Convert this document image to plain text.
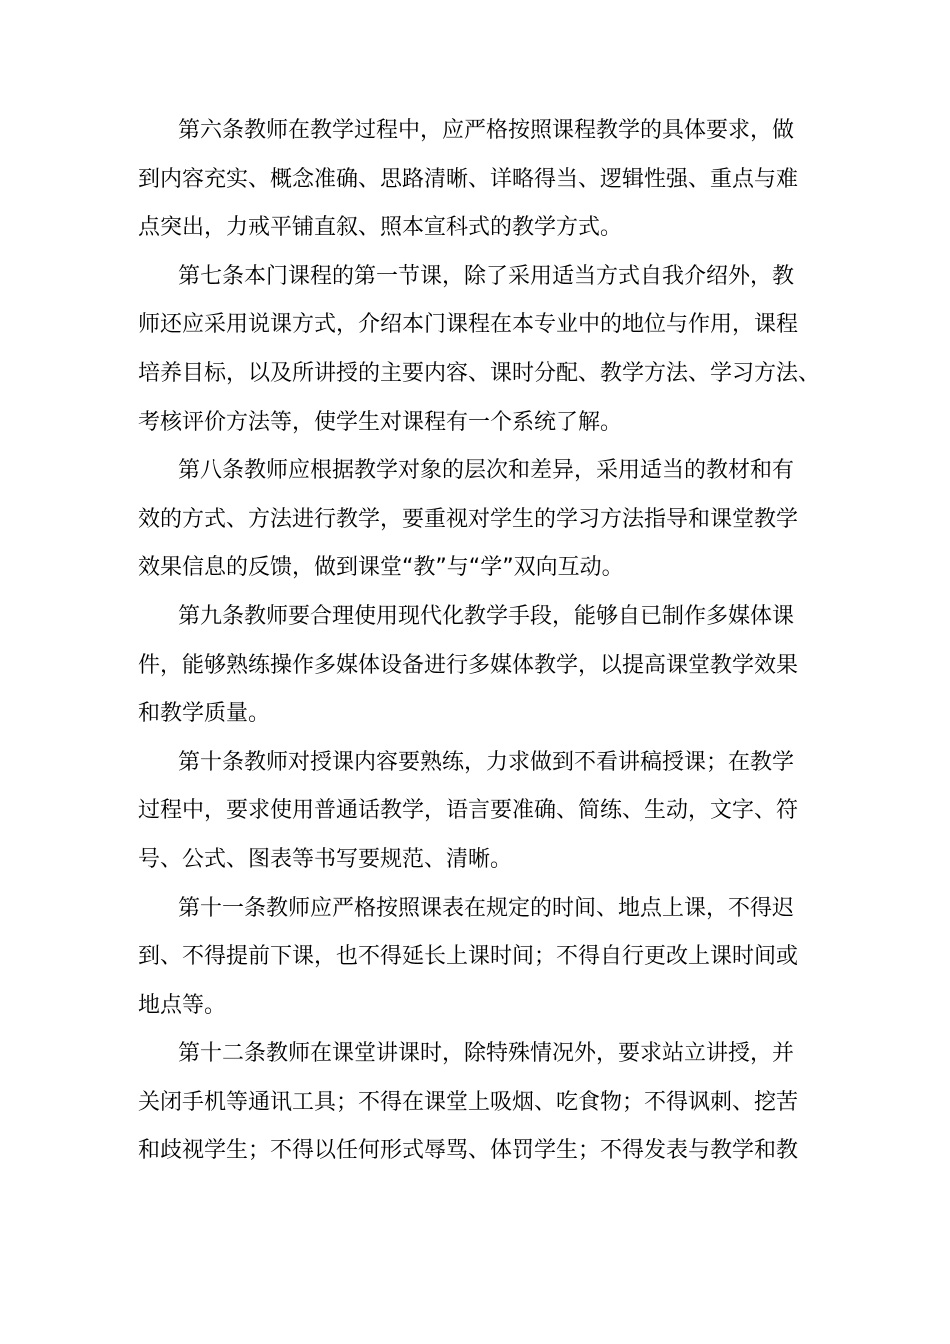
第六条教师在教学过程中，应严格按照课程教学的具体要求，做
到内容充实、概念准确、思路清晰、详略得当、逻辑性强、重点与难
点突出，力戒平铺直叙、照本宣科式的教学方式。
第七条本门课程的第一节课，除了采用适当方式自我介绍外，教
师还应采用说课方式，介绍本门课程在本专业中的地位与作用，课程
培养目标，以及所讲授的主要内容、课时分配、教学方法、学习方法、
考核评价方法等，使学生对课程有一个系统了解。
第八条教师应根据教学对象的层次和差异，采用适当的教材和有
效的方式、方法进行教学，要重视对学生的学习方法指导和课堂教学
效果信息的反馈，做到课堂“教”与“学”双向互动。
第九条教师要合理使用现代化教学手段，能够自已制作多媒体课
件，能够熟练操作多媒体设备进行多媒体教学，以提高课堂教学效果
和教学质量。
第十条教师对授课内容要熟练，力求做到不看讲稿授课；在教学
过程中，要求使用普通话教学，语言要准确、简练、生动，文字、符
号、公式、图表等书写要规范、清晰。
第十一条教师应严格按照课表在规定的时间、地点上课，不得迟
到、不得提前下课，也不得延长上课时间；不得自行更改上课时间或
地点等。
第十二条教师在课堂讲课时，除特殊情况外，要求站立讲授，并
关闭手机等通讯工具；不得在课堂上吸烟、吃食物；不得讽刺、挖苦
和歧视学生；不得以任何形式辱骂、体罚学生；不得发表与教学和教
